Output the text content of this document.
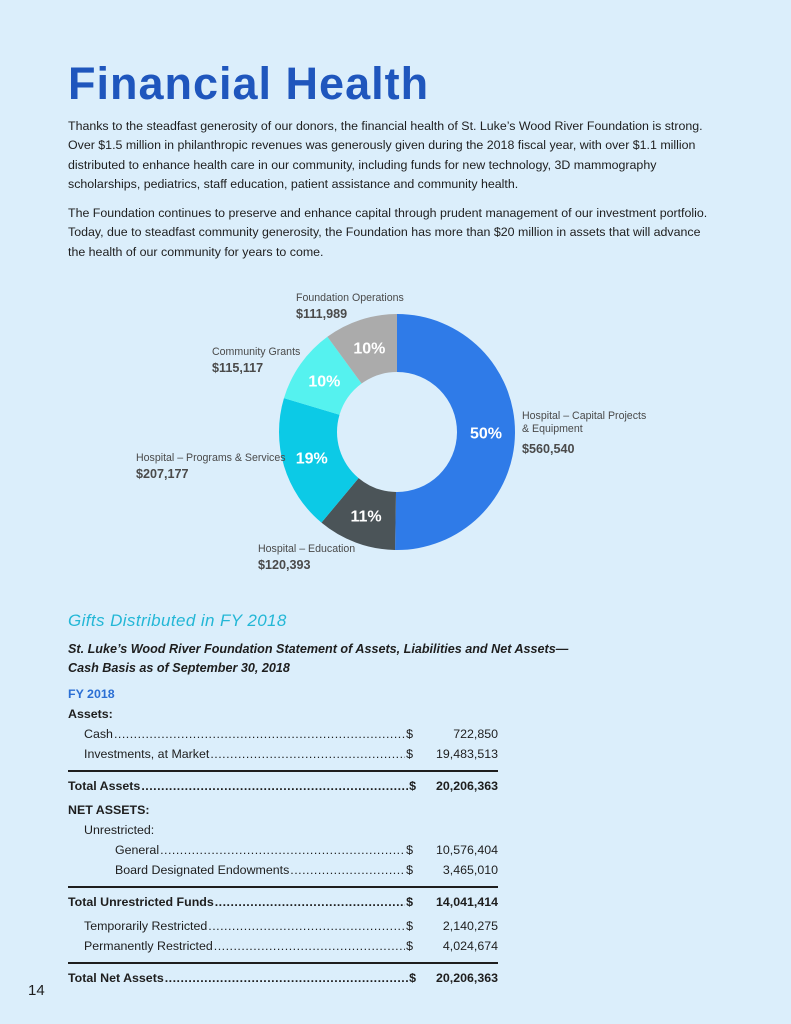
Financial Health

Thanks to the steadfast generosity of our donors, the financial health of St. Luke’s Wood River Foundation is strong. Over $1.5 million in philanthropic revenues was generously given during the 2018 fiscal year, with over $1.1 million distributed to enhance health care in our community, including funds for new technology, 3D mammography scholarships, pediatrics, staff education, patient assistance and community health.

The Foundation continues to preserve and enhance capital through prudent management of our investment portfolio. Today, due to steadfast community generosity, the Foundation has more than $20 million in assets that will advance the health of our community for years to come.

50%
11%
19%
10%
10%
Foundation Operations
$111,989
Community Grants
$115,117
Hospital – Programs & Services
$207,177
Hospital – Education
$120,393
Hospital – Capital Projects & Equipment
$560,540
Gifts Distributed in FY 2018

St. Luke’s Wood River Foundation Statement of Assets, Liabilities and Net Assets—
Cash Basis as of September 30, 2018

FY 2018
Assets:
Cash .....	$	722,850
Investments, at Market .....	$	19,483,513
Total Assets .....	$	20,206,363
NET ASSETS:
Unrestricted:
General .....	$	10,576,404
Board Designated Endowments .....	$	3,465,010
Total Unrestricted Funds .....	$	14,041,414
Temporarily Restricted .....	$	2,140,275
Permanently Restricted .....	$	4,024,674
Total Net Assets .....	$	20,206,363
14
